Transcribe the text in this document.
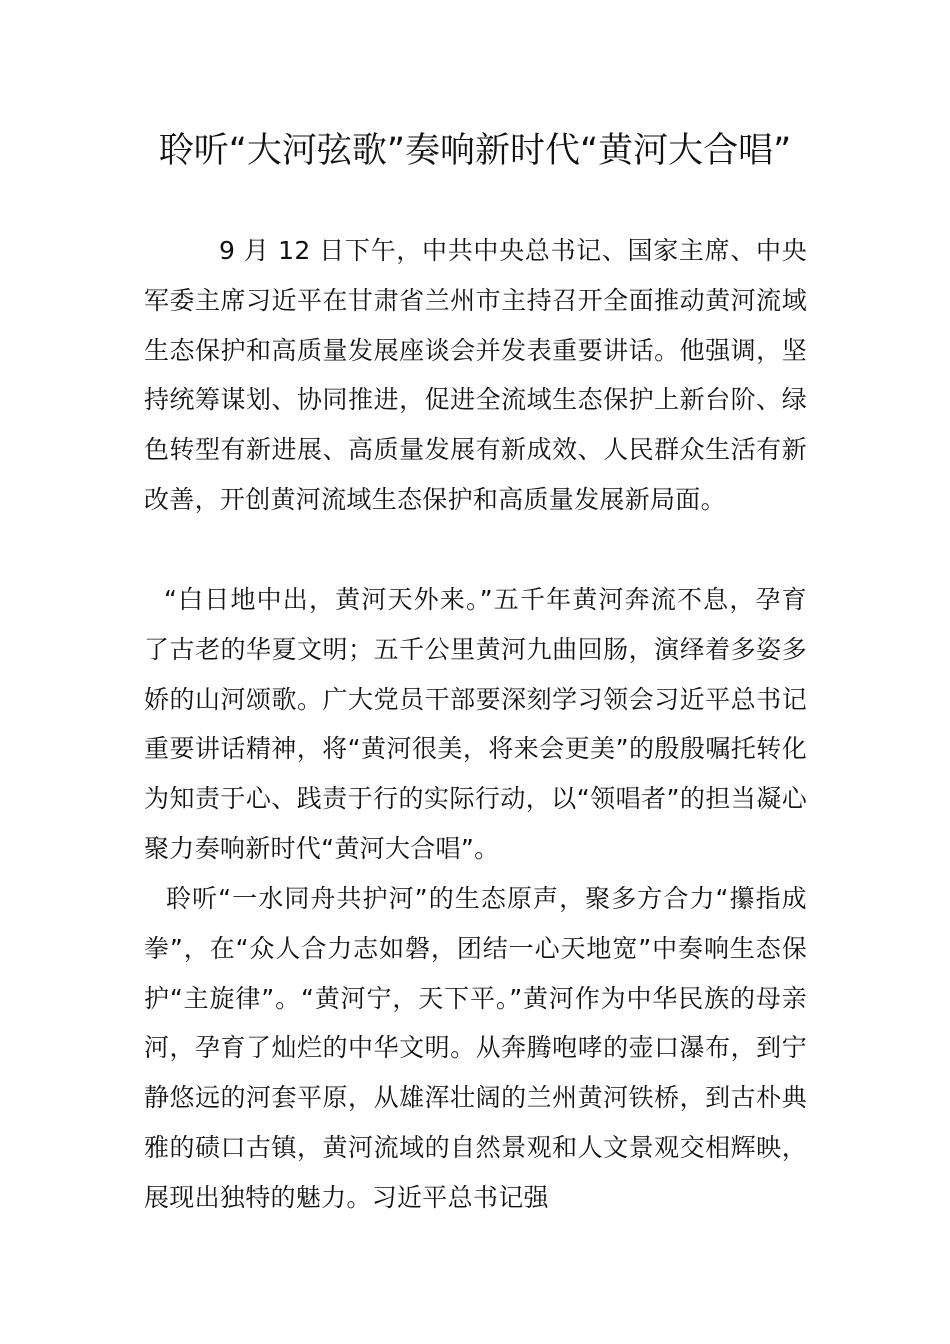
聆听“大河弦歌”奏响新时代“黄河大合唱”

9 月 12 日下午，中共中央总书记、国家主席、中央军委主席习近平在甘肃省兰州市主持召开全面推动黄河流域生态保护和高质量发展座谈会并发表重要讲话。他强调，坚持统筹谋划、协同推进，促进全流域生态保护上新台阶、绿色转型有新进展、高质量发展有新成效、人民群众生活有新改善，开创黄河流域生态保护和高质量发展新局面。

“白日地中出，黄河天外来。”五千年黄河奔流不息，孕育了古老的华夏文明；五千公里黄河九曲回肠，演绎着多姿多娇的山河颂歌。广大党员干部要深刻学习领会习近平总书记重要讲话精神，将“黄河很美，将来会更美”的殷殷嘱托转化为知责于心、践责于行的实际行动，以“领唱者”的担当凝心聚力奏响新时代“黄河大合唱”。

聆听“一水同舟共护河”的生态原声，聚多方合力“攥指成拳”，在“众人合力志如磐，团结一心天地宽”中奏响生态保护“主旋律”。“黄河宁，天下平。”黄河作为中华民族的母亲河，孕育了灿烂的中华文明。从奔腾咆哮的壶口瀑布，到宁静悠远的河套平原，从雄浑壮阔的兰州黄河铁桥，到古朴典雅的碛口古镇，黄河流域的自然景观和人文景观交相辉映，展现出独特的魅力。习近平总书记强
